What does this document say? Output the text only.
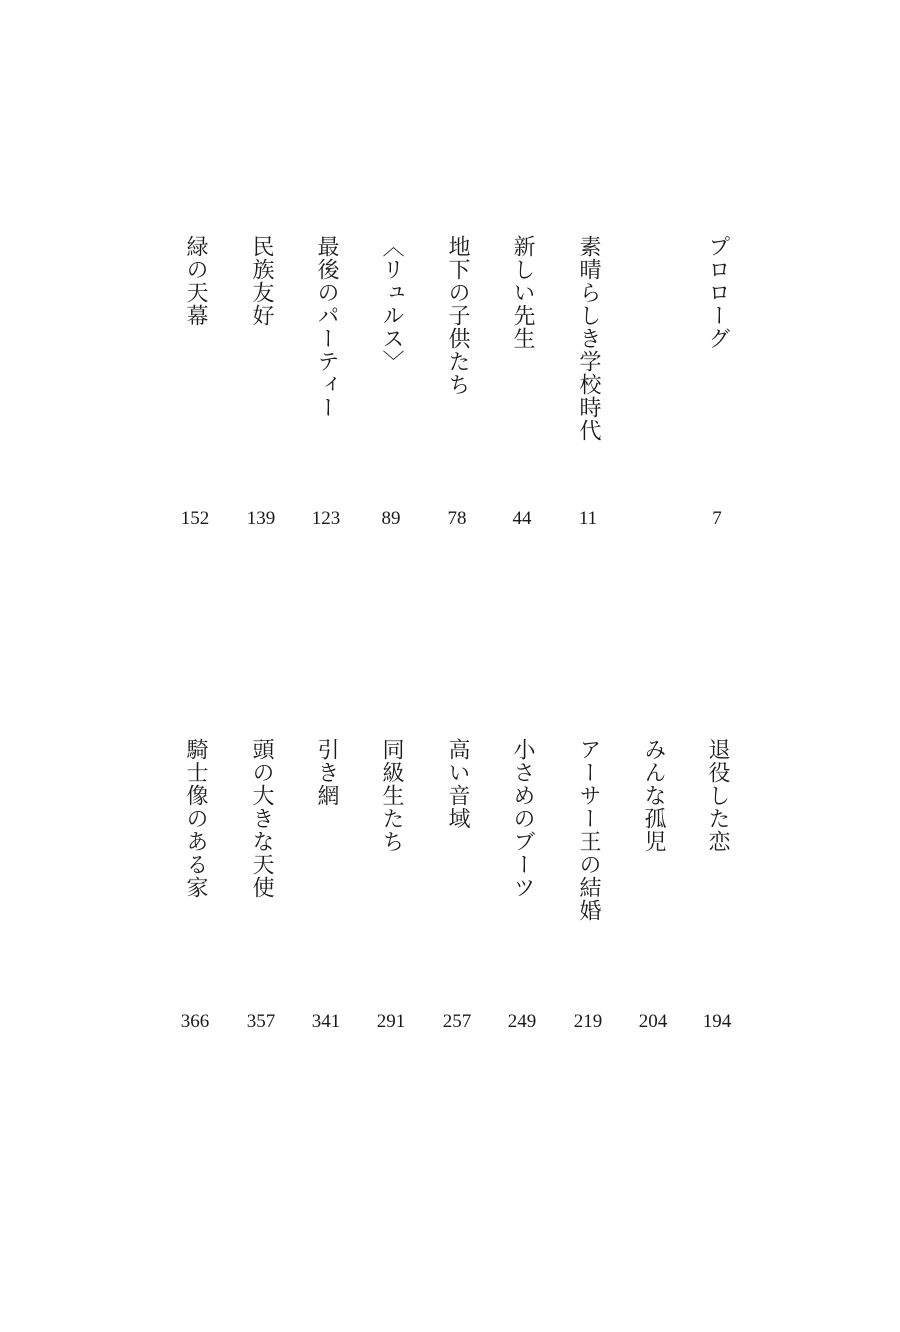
プロローグ
7
素晴らしき学校時代
11
新しい先生
44
地下の子供たち
78
〈リュルス〉
89
最後のパーティー
123
民族友好
139
緑の天幕
152
退役した恋
194
みんな孤児
204
アーサー王の結婚
219
小さめのブーツ
249
高い音域
257
同級生たち
291
引き網
341
頭の大きな天使
357
騎士像のある家
366
